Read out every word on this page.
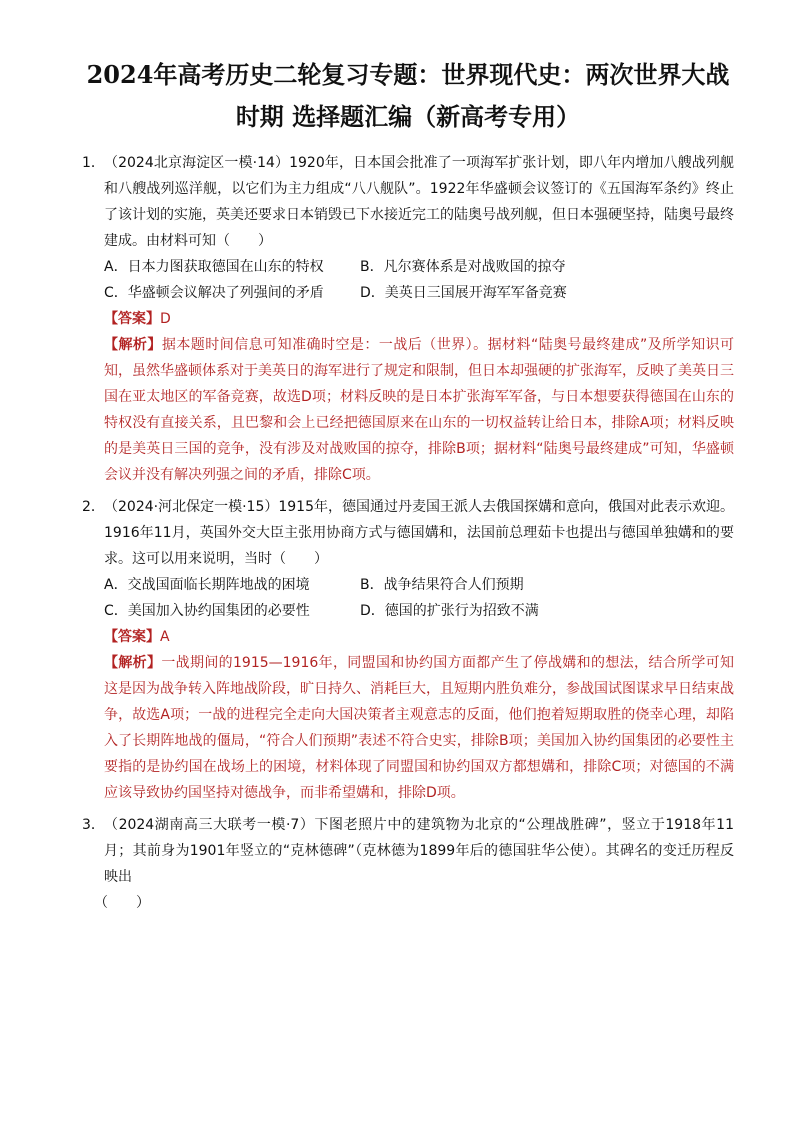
2024年高考历史二轮复习专题：世界现代史：两次世界大战时期 选择题汇编（新高考专用）
1． （2024北京海淀区一模·14）1920年，日本国会批准了一项海军扩张计划，即八年内增加八艘战列舰和八艘战列巡洋舰，以它们为主力组成“八八舰队”。1922年华盛顿会议签订的《五国海军条约》终止了该计划的实施，英美还要求日本销毁已下水接近完工的陆奥号战列舰，但日本强硬坚持，陆奥号最终建成。由材料可知（　　）
A．日本力图获取德国在山东的特权	B．凡尔赛体系是对战败国的掠夺
C．华盛顿会议解决了列强间的矛盾	D．美英日三国展开海军军备竞赛
【答案】D
【解析】据本题时间信息可知准确时空是：一战后（世界）。据材料“陆奥号最终建成”及所学知识可知，虽然华盛顿体系对于美英日的海军进行了规定和限制，但日本却强硬的扩张海军，反映了美英日三国在亚太地区的军备竞赛，故选D项；材料反映的是日本扩张海军军备，与日本想要获得德国在山东的特权没有直接关系，且巴黎和会上已经把德国原来在山东的一切权益转让给日本，排除A项；材料反映的是美英日三国的竞争，没有涉及对战败国的掠夺，排除B项；据材料“陆奥号最终建成”可知，华盛顿会议并没有解决列强之间的矛盾，排除C项。
2． （2024·河北保定一模·15）1915年，德国通过丹麦国王派人去俄国探媾和意向，俄国对此表示欢迎。1916年11月，英国外交大臣主张用协商方式与德国媾和，法国前总理茹卡也提出与德国单独媾和的要求。这可以用来说明，当时（　　）
A．交战国面临长期阵地战的困境	B．战争结果符合人们预期
C．美国加入协约国集团的必要性	D．德国的扩张行为招致不满
【答案】A
【解析】一战期间的1915—1916年，同盟国和协约国方面都产生了停战媾和的想法，结合所学可知这是因为战争转入阵地战阶段，旷日持久、消耗巨大，且短期内胜负难分，参战国试图谋求早日结束战争，故选A项；一战的进程完全走向大国决策者主观意志的反面，他们抱着短期取胜的侥幸心理，却陷入了长期阵地战的僵局，“符合人们预期”表述不符合史实，排除B项；美国加入协约国集团的必要性主要指的是协约国在战场上的困境，材料体现了同盟国和协约国双方都想媾和，排除C项；对德国的不满应该导致协约国坚持对德战争，而非希望媾和，排除D项。
3． （2024湖南高三大联考一模·7）下图老照片中的建筑物为北京的“公理战胜碑”，竖立于1918年11月；其前身为1901年竖立的“克林德碑”（克林德为1899年后的德国驻华公使）。其碑名的变迁历程反映出
（　　）
